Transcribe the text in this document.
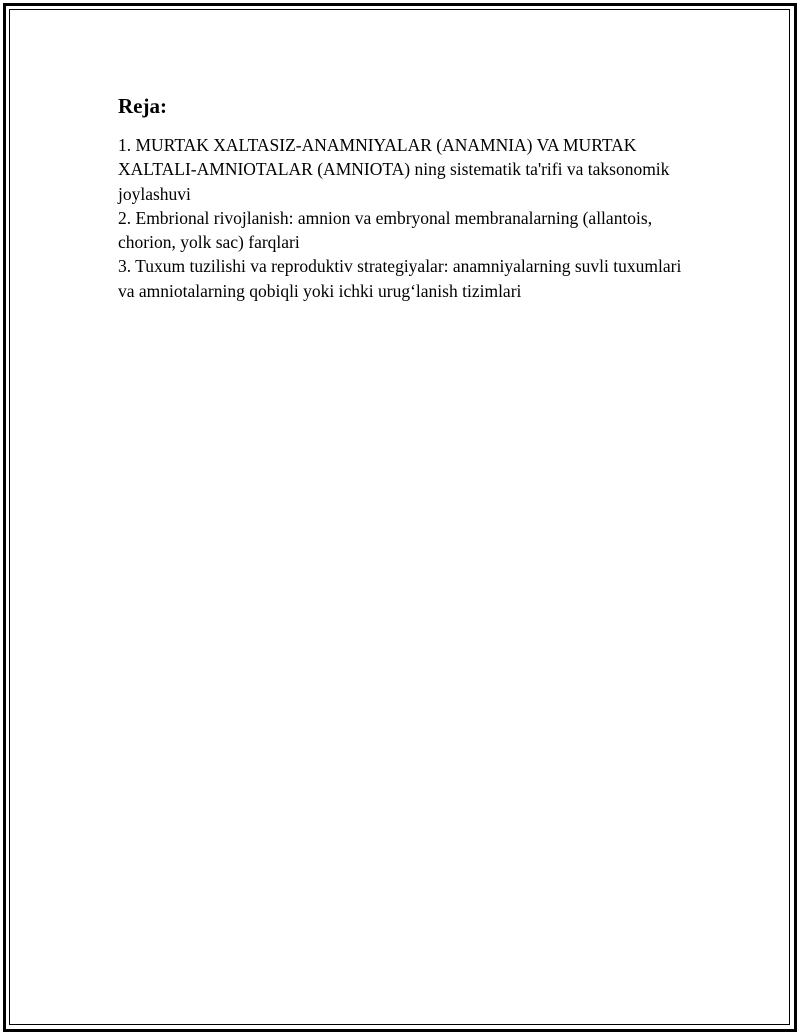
Reja:

1. MURTAK XALTASIZ-ANAMNIYALAR (ANAMNIA) VA MURTAK XALTALI-AMNIOTALAR (AMNIOTA) ning sistematik ta'rifi va taksonomik joylashuvi

2. Embrional rivojlanish: amnion va embryonal membranalarning (allantois, chorion, yolk sac) farqlari

3. Tuxum tuzilishi va reproduktiv strategiyalar: anamniyalarning suvli tuxumlari va amniotalarning qobiqli yoki ichki urug‘lanish tizimlari
